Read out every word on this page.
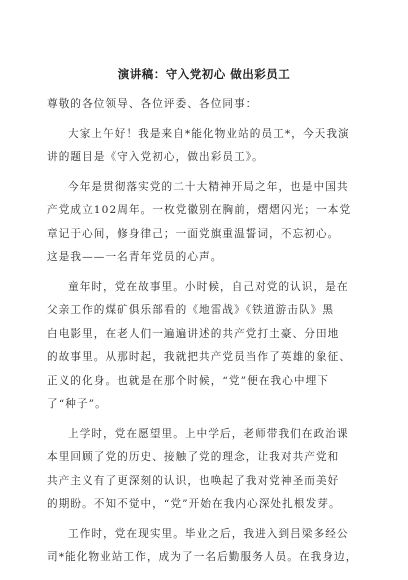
演讲稿：守入党初心 做出彩员工
尊敬的各位领导、各位评委、各位同事：
大家上午好！我是来自*能化物业站的员工*，今天我演
讲的题目是《守入党初心，做出彩员工》。
今年是贯彻落实党的二十大精神开局之年，也是中国共
产党成立102周年。一枚党徽别在胸前，熠熠闪光；一本党
章记于心间，修身律己；一面党旗重温誓词，不忘初心。
这是我——一名青年党员的心声。
童年时，党在故事里。小时候，自己对党的认识，是在
父亲工作的煤矿俱乐部看的《地雷战》《铁道游击队》黑
白电影里，在老人们一遍遍讲述的共产党打土豪、分田地
的故事里。从那时起，我就把共产党员当作了英雄的象征、
正义的化身。也就是在那个时候，“党”便在我心中埋下
了“种子”。
上学时，党在愿望里。上中学后，老师带我们在政治课
本里回顾了党的历史、接触了党的理念，让我对共产党和
共产主义有了更深刻的认识，也唤起了我对党神圣而美好
的期盼。不知不觉中，“党”开始在我内心深处扎根发芽。
工作时，党在现实里。毕业之后，我进入到吕梁多经公
司*能化物业站工作，成为了一名后勤服务人员。在我身边，
